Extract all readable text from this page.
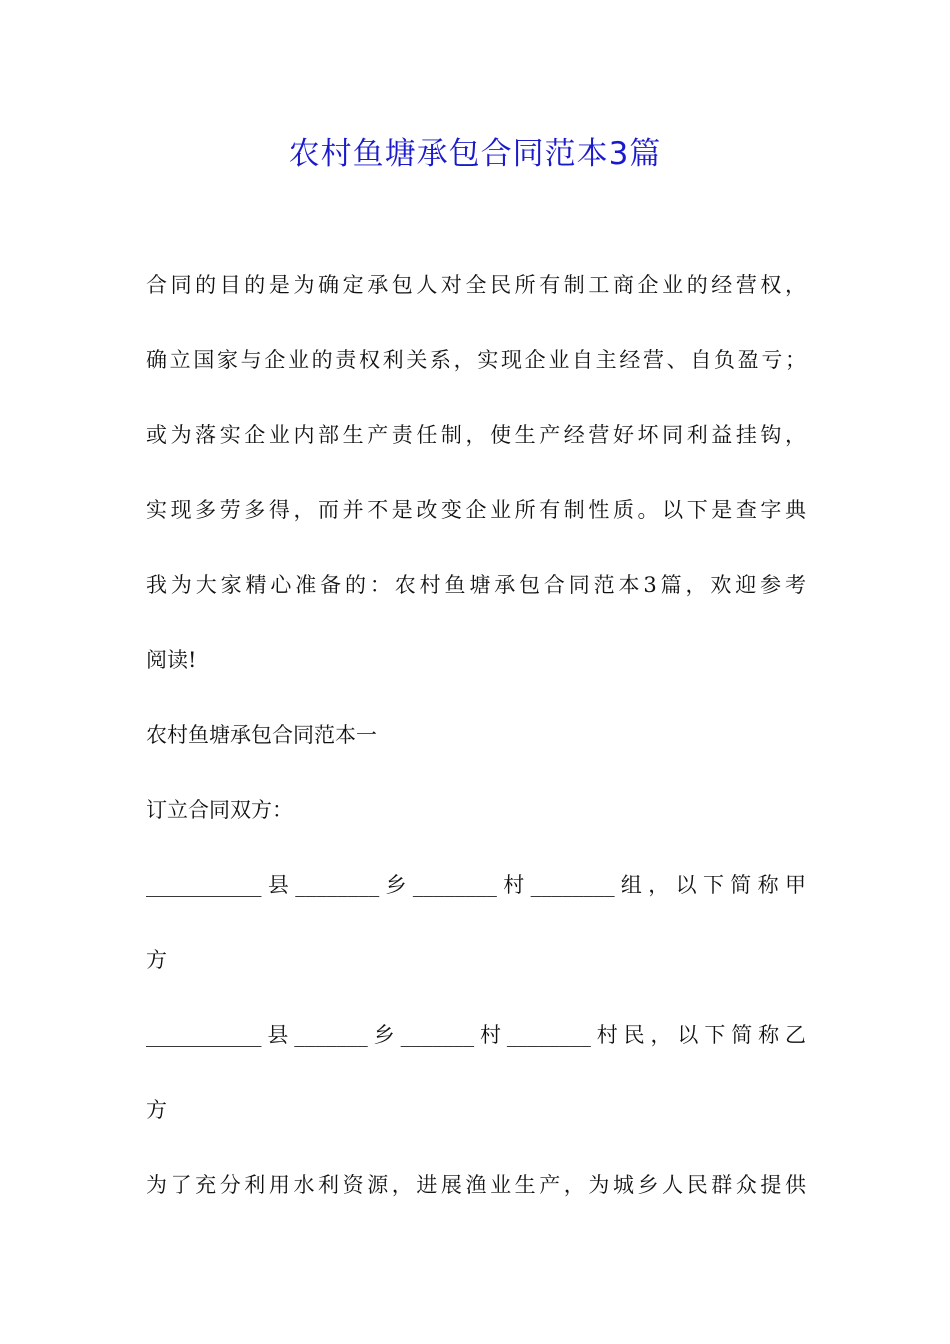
农村鱼塘承包合同范本3篇

合同的目的是为确定承包人对全民所有制工商企业的经营权，

确立国家与企业的责权利关系，实现企业自主经营、自负盈亏；

或为落实企业内部生产责任制，使生产经营好坏同利益挂钩，

实现多劳多得，而并不是改变企业所有制性质。以下是查字典

我为大家精心准备的：农村鱼塘承包合同范本3篇，欢迎参考

阅读!

农村鱼塘承包合同范本一

订立合同双方：

___________县________乡________村________组，以下简称甲

方

___________县_______乡_______村________村民，以下简称乙

方

为了充分利用水利资源，进展渔业生产，为城乡人民群众提供
